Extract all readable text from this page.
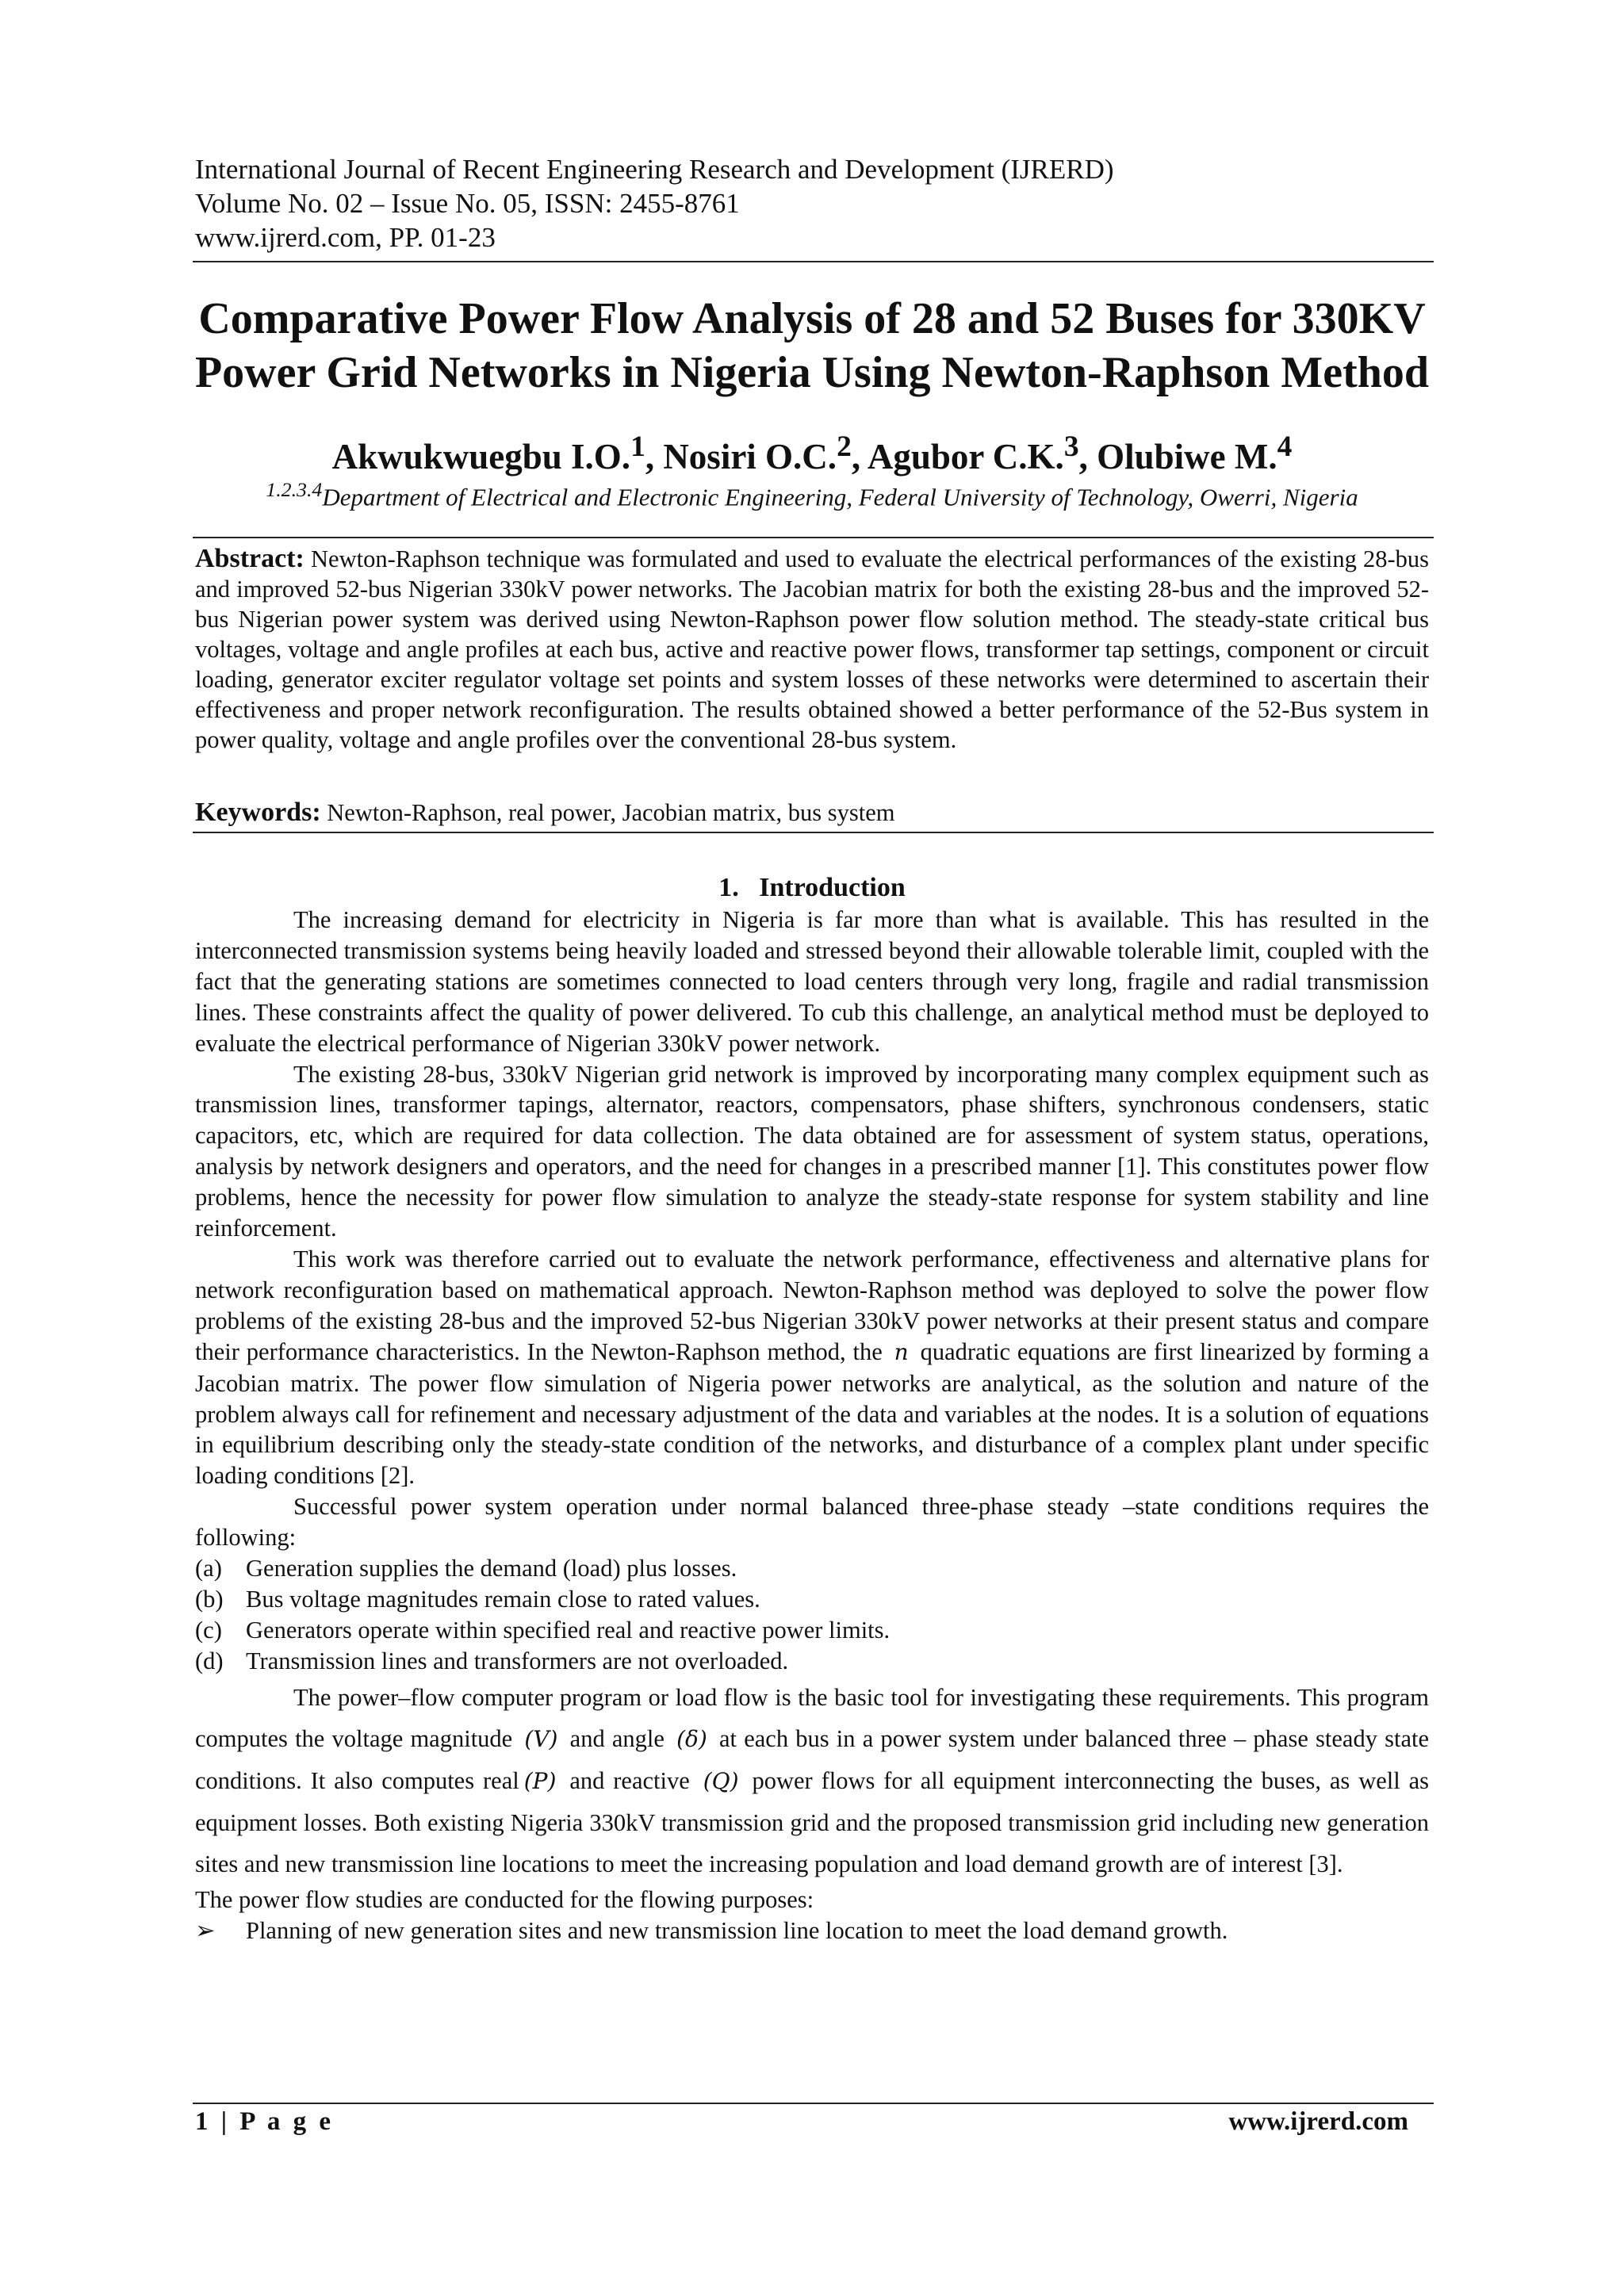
International Journal of Recent Engineering Research and Development (IJRERD)
Volume No. 02 – Issue No. 05, ISSN: 2455-8761
www.ijrerd.com, PP. 01-23
Comparative Power Flow Analysis of 28 and 52 Buses for 330KV
Power Grid Networks in Nigeria Using Newton-Raphson Method
Akwukwuegbu I.O.$^1$, Nosiri O.C.$^2$, Agubor C.K.$^3$, Olubiwe M.$^4$
$^{1.2.3.4}$Department of Electrical and Electronic Engineering, Federal University of Technology, Owerri, Nigeria
Abstract: Newton-Raphson technique was formulated and used to evaluate the electrical performances of the existing 28-bus and improved 52-bus Nigerian 330kV power networks. The Jacobian matrix for both the existing 28-bus and the improved 52-bus Nigerian power system was derived using Newton-Raphson power flow solution method. The steady-state critical bus voltages, voltage and angle profiles at each bus, active and reactive power flows, transformer tap settings, component or circuit loading, generator exciter regulator voltage set points and system losses of these networks were determined to ascertain their effectiveness and proper network reconfiguration. The results obtained showed a better performance of the 52-Bus system in power quality, voltage and angle profiles over the conventional 28-bus system.
Keywords: Newton-Raphson, real power, Jacobian matrix, bus system
1.   Introduction

The increasing demand for electricity in Nigeria is far more than what is available. This has resulted in the interconnected transmission systems being heavily loaded and stressed beyond their allowable tolerable limit, coupled with the fact that the generating stations are sometimes connected to load centers through very long, fragile and radial transmission lines. These constraints affect the quality of power delivered. To cub this challenge, an analytical method must be deployed to evaluate the electrical performance of Nigerian 330kV power network.

The existing 28-bus, 330kV Nigerian grid network is improved by incorporating many complex equipment such as transmission lines, transformer tapings, alternator, reactors, compensators, phase shifters, synchronous condensers, static capacitors, etc, which are required for data collection. The data obtained are for assessment of system status, operations, analysis by network designers and operators, and the need for changes in a prescribed manner [1]. This constitutes power flow problems, hence the necessity for power flow simulation to analyze the steady-state response for system stability and line reinforcement.

This work was therefore carried out to evaluate the network performance, effectiveness and alternative plans for network reconfiguration based on mathematical approach. Newton-Raphson method was deployed to solve the power flow problems of the existing 28-bus and the improved 52-bus Nigerian 330kV power networks at their present status and compare their performance characteristics. In the Newton-Raphson method, the n quadratic equations are first linearized by forming a Jacobian matrix. The power flow simulation of Nigeria power networks are analytical, as the solution and nature of the problem always call for refinement and necessary adjustment of the data and variables at the nodes. It is a solution of equations in equilibrium describing only the steady-state condition of the networks, and disturbance of a complex plant under specific loading conditions [2].

Successful power system operation under normal balanced three-phase steady –state conditions requires the following:

(a) Generation supplies the demand (load) plus losses.
(b) Bus voltage magnitudes remain close to rated values.
(c) Generators operate within specified real and reactive power limits.
(d) Transmission lines and transformers are not overloaded.

The power–flow computer program or load flow is the basic tool for investigating these requirements. This program computes the voltage magnitude (V) and angle (δ) at each bus in a power system under balanced three – phase steady state conditions. It also computes real (P) and reactive (Q) power flows for all equipment interconnecting the buses, as well as equipment losses. Both existing Nigeria 330kV transmission grid and the proposed transmission grid including new generation sites and new transmission line locations to meet the increasing population and load demand growth are of interest [3].

The power flow studies are conducted for the flowing purposes:

➢	Planning of new generation sites and new transmission line location to meet the load demand growth.
1 | P a g e	www.ijrerd.com
